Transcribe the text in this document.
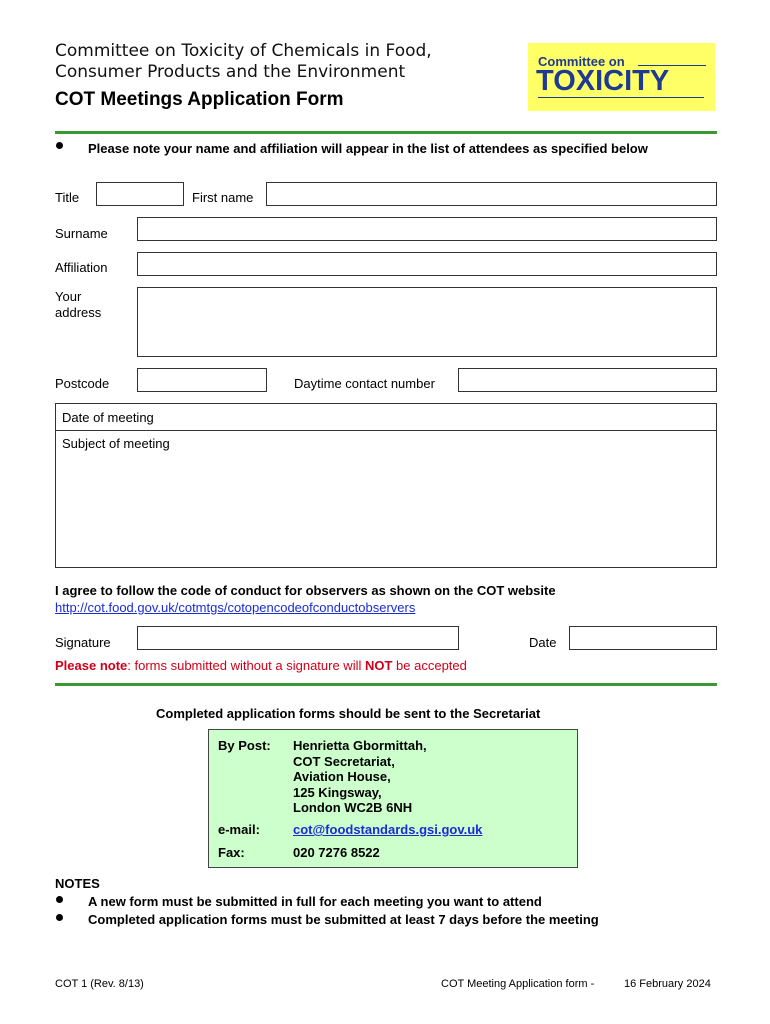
Committee on Toxicity of Chemicals in Food,
Consumer Products and the Environment
COT Meetings Application Form
Committee on
TOXICITY
Please note your name and affiliation will appear in the list of attendees as specified below
Title	First name
Surname
Affiliation
Your
address
Postcode	Daytime contact number
Date of meeting
Subject of meeting
I agree to follow the code of conduct for observers as shown on the COT website
http://cot.food.gov.uk/cotmtgs/cotopencodeofconductobservers
Signature	Date
Please note: forms submitted without a signature will NOT be accepted
Completed application forms should be sent to the Secretariat
By Post: Henrietta Gbormittah,
COT Secretariat,
Aviation House,
125 Kingsway,
London WC2B 6NH
e-mail:	cot@foodstandards.gsi.gov.uk
Fax:	020 7276 8522
NOTES
A new form must be submitted in full for each meeting you want to attend
Completed application forms must be submitted at least 7 days before the meeting
COT 1 (Rev. 8/13)	COT Meeting Application form -	16 February 2024
